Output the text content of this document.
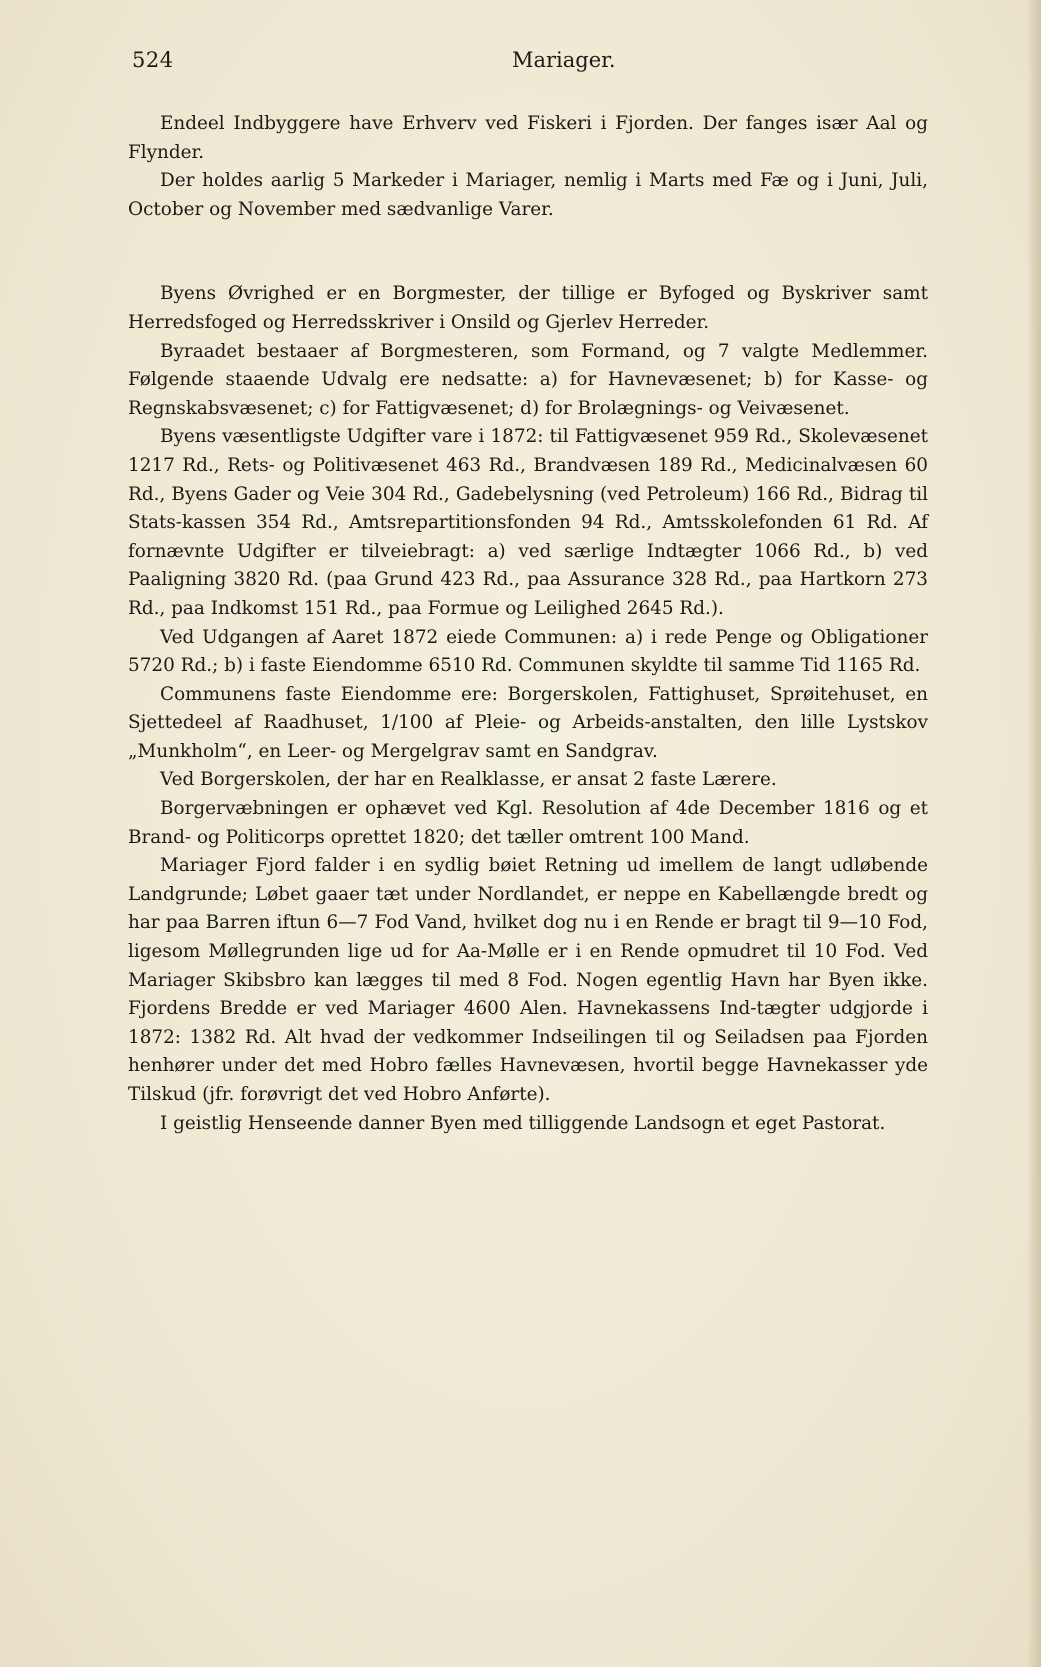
524	Mariager.

Endeel Indbyggere have Erhverv ved Fiskeri i Fjorden. Der fanges især Aal og Flynder.

Der holdes aarlig 5 Markeder i Mariager, nemlig i Marts med Fæ og i Juni, Juli, October og November med sædvanlige Varer.

Byens Øvrighed er en Borgmester, der tillige er Byfoged og Byskriver samt Herredsfoged og Herredsskriver i Onsild og Gjerlev Herreder.

Byraadet bestaaer af Borgmesteren, som Formand, og 7 valgte Medlemmer. Følgende staaende Udvalg ere nedsatte: a) for Havnevæsenet; b) for Kasse- og Regnskabsvæsenet; c) for Fattigvæsenet; d) for Brolægnings- og Veivæsenet.

Byens væsentligste Udgifter vare i 1872: til Fattigvæsenet 959 Rd., Skolevæsenet 1217 Rd., Rets- og Politivæsenet 463 Rd., Brandvæsen 189 Rd., Medicinalvæsen 60 Rd., Byens Gader og Veie 304 Rd., Gadebelysning (ved Petroleum) 166 Rd., Bidrag til Stats-kassen 354 Rd., Amtsrepartitionsfonden 94 Rd., Amtsskolefonden 61 Rd. Af fornævnte Udgifter er tilveiebragt: a) ved særlige Indtægter 1066 Rd., b) ved Paaligning 3820 Rd. (paa Grund 423 Rd., paa Assurance 328 Rd., paa Hartkorn 273 Rd., paa Indkomst 151 Rd., paa Formue og Leilighed 2645 Rd.).

Ved Udgangen af Aaret 1872 eiede Communen: a) i rede Penge og Obligationer 5720 Rd.; b) i faste Eiendomme 6510 Rd. Communen skyldte til samme Tid 1165 Rd.

Communens faste Eiendomme ere: Borgerskolen, Fattighuset, Sprøitehuset, en Sjettedeel af Raadhuset, 1/100 af Pleie- og Arbeids-anstalten, den lille Lystskov „Munkholm“, en Leer- og Mergelgrav samt en Sandgrav.

Ved Borgerskolen, der har en Realklasse, er ansat 2 faste Lærere.

Borgervæbningen er ophævet ved Kgl. Resolution af 4de December 1816 og et Brand- og Politicorps oprettet 1820; det tæller omtrent 100 Mand.

Mariager Fjord falder i en sydlig bøiet Retning ud imellem de langt udløbende Landgrunde; Løbet gaaer tæt under Nordlandet, er neppe en Kabellængde bredt og har paa Barren iftun 6—7 Fod Vand, hvilket dog nu i en Rende er bragt til 9—10 Fod, ligesom Møllegrunden lige ud for Aa-Mølle er i en Rende opmudret til 10 Fod. Ved Mariager Skibsbro kan lægges til med 8 Fod. Nogen egentlig Havn har Byen ikke. Fjordens Bredde er ved Mariager 4600 Alen. Havnekassens Ind-tægter udgjorde i 1872: 1382 Rd. Alt hvad der vedkommer Indseilingen til og Seiladsen paa Fjorden henhører under det med Hobro fælles Havnevæsen, hvortil begge Havnekasser yde Tilskud (jfr. forøvrigt det ved Hobro Anførte).

I geistlig Henseende danner Byen med tilliggende Landsogn et eget Pastorat.
